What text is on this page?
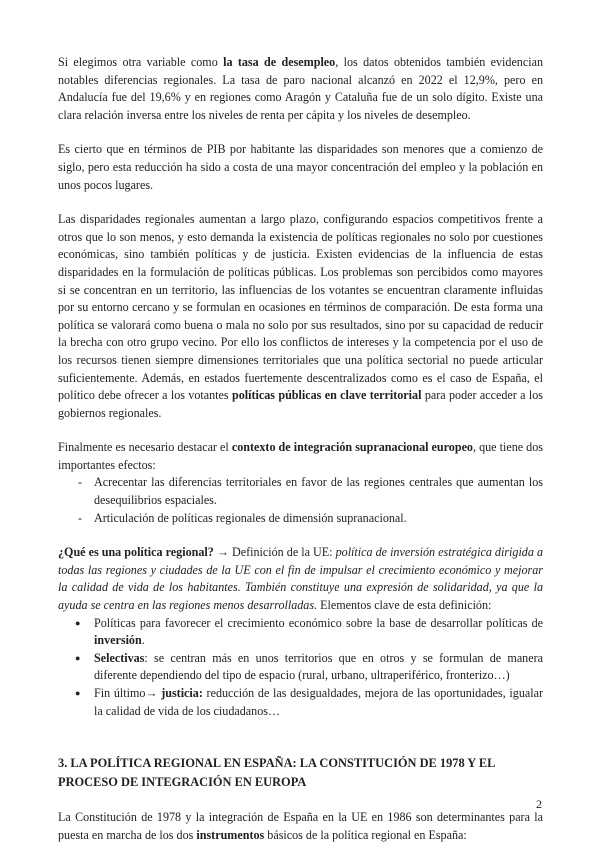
Si elegimos otra variable como la tasa de desempleo, los datos obtenidos también evidencian notables diferencias regionales. La tasa de paro nacional alcanzó en 2022 el 12,9%, pero en Andalucía fue del 19,6% y en regiones como Aragón y Cataluña fue de un solo dígito. Existe una clara relación inversa entre los niveles de renta per cápita y los niveles de desempleo.

Es cierto que en términos de PIB por habitante las disparidades son menores que a comienzo de siglo, pero esta reducción ha sido a costa de una mayor concentración del empleo y la población en unos pocos lugares.

Las disparidades regionales aumentan a largo plazo, configurando espacios competitivos frente a otros que lo son menos, y esto demanda la existencia de políticas regionales no solo por cuestiones económicas, sino también políticas y de justicia. Existen evidencias de la influencia de estas disparidades en la formulación de políticas públicas. Los problemas son percibidos como mayores si se concentran en un territorio, las influencias de los votantes se encuentran claramente influidas por su entorno cercano y se formulan en ocasiones en términos de comparación. De esta forma una política se valorará como buena o mala no solo por sus resultados, sino por su capacidad de reducir la brecha con otro grupo vecino. Por ello los conflictos de intereses y la competencia por el uso de los recursos tienen siempre dimensiones territoriales que una política sectorial no puede articular suficientemente. Además, en estados fuertemente descentralizados como es el caso de España, el político debe ofrecer a los votantes políticas públicas en clave territorial para poder acceder a los gobiernos regionales.

Finalmente es necesario destacar el contexto de integración supranacional europeo, que tiene dos importantes efectos:

- Acrecentar las diferencias territoriales en favor de las regiones centrales que aumentan los desequilibrios espaciales.
- Articulación de políticas regionales de dimensión supranacional.

¿Qué es una política regional? → Definición de la UE: política de inversión estratégica dirigida a todas las regiones y ciudades de la UE con el fin de impulsar el crecimiento económico y mejorar la calidad de vida de los habitantes. También constituye una expresión de solidaridad, ya que la ayuda se centra en las regiones menos desarrolladas. Elementos clave de esta definición:

● Políticas para favorecer el crecimiento económico sobre la base de desarrollar políticas de inversión.
● Selectivas: se centran más en unos territorios que en otros y se formulan de manera diferente dependiendo del tipo de espacio (rural, urbano, ultraperiférico, fronterizo…)
● Fin último→ justicia: reducción de las desigualdades, mejora de las oportunidades, igualar la calidad de vida de los ciudadanos…
3. LA POLÍTICA REGIONAL EN ESPAÑA: LA CONSTITUCIÓN DE 1978 Y EL PROCESO DE INTEGRACIÓN EN EUROPA

La Constitución de 1978 y la integración de España en la UE en 1986 son determinantes para la puesta en marcha de los dos instrumentos básicos de la política regional en España:

2
